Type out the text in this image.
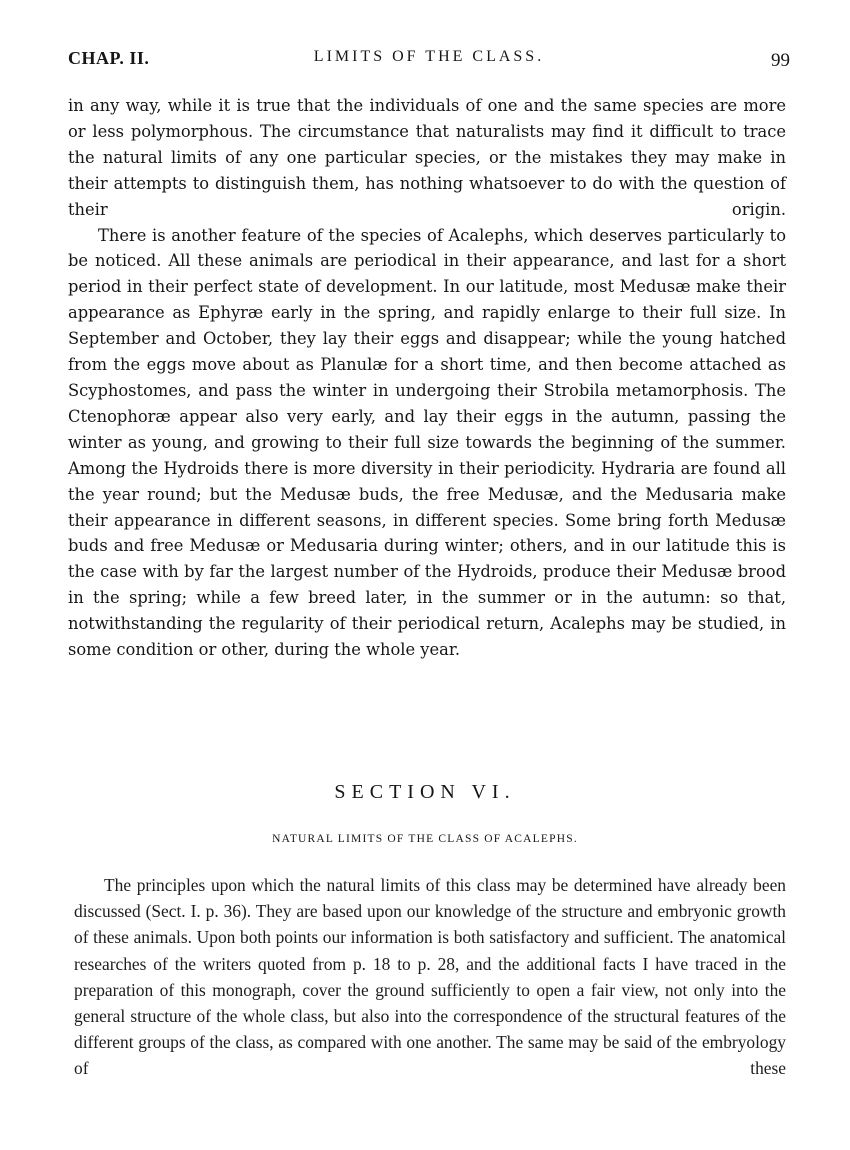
CHAP. II.	LIMITS OF THE CLASS.	99

in any way, while it is true that the individuals of one and the same species are more or less polymorphous. The circumstance that naturalists may find it difficult to trace the natural limits of any one particular species, or the mistakes they may make in their attempts to distinguish them, has nothing whatsoever to do with the question of their origin.

There is another feature of the species of Acalephs, which deserves particularly to be noticed. All these animals are periodical in their appearance, and last for a short period in their perfect state of development. In our latitude, most Medusæ make their appearance as Ephyræ early in the spring, and rapidly enlarge to their full size. In September and October, they lay their eggs and disappear; while the young hatched from the eggs move about as Planulæ for a short time, and then become attached as Scyphostomes, and pass the winter in undergoing their Strobila metamorphosis. The Ctenophoræ appear also very early, and lay their eggs in the autumn, passing the winter as young, and growing to their full size towards the beginning of the summer. Among the Hydroids there is more diversity in their periodicity. Hydraria are found all the year round; but the Medusæ buds, the free Medusæ, and the Medusaria make their appearance in different seasons, in different species. Some bring forth Medusæ buds and free Medusæ or Medusaria during winter; others, and in our latitude this is the case with by far the largest number of the Hydroids, produce their Medusæ brood in the spring; while a few breed later, in the summer or in the autumn: so that, notwithstanding the regularity of their periodical return, Acalephs may be studied, in some condition or other, during the whole year.

SECTION VI.
NATURAL LIMITS OF THE CLASS OF ACALEPHS.

The principles upon which the natural limits of this class may be determined have already been discussed (Sect. I. p. 36). They are based upon our knowledge of the structure and embryonic growth of these animals. Upon both points our information is both satisfactory and sufficient. The anatomical researches of the writers quoted from p. 18 to p. 28, and the additional facts I have traced in the preparation of this monograph, cover the ground sufficiently to open a fair view, not only into the general structure of the whole class, but also into the correspondence of the structural features of the different groups of the class, as compared with one another. The same may be said of the embryology of these
